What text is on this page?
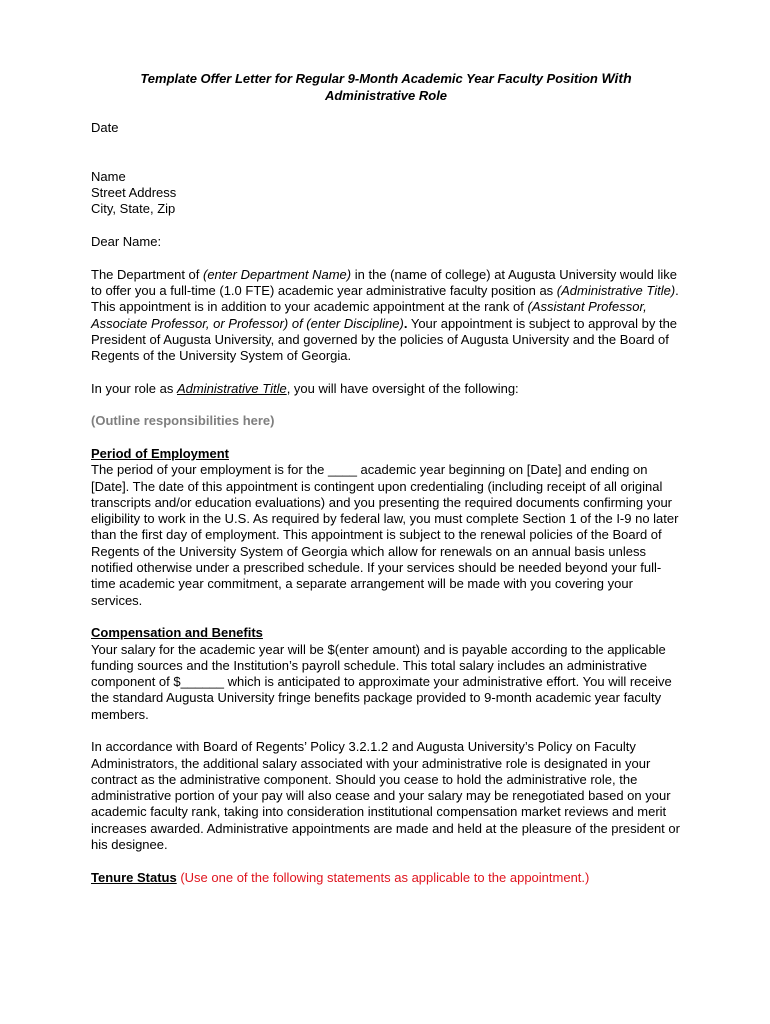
Template Offer Letter for Regular 9-Month Academic Year Faculty Position With
Administrative Role

Date

Name
Street Address
City, State, Zip

Dear Name:

The Department of (enter Department Name) in the (name of college) at Augusta University would like to offer you a full-time (1.0 FTE) academic year administrative faculty position as (Administrative Title). This appointment is in addition to your academic appointment at the rank of (Assistant Professor, Associate Professor, or Professor) of (enter Discipline). Your appointment is subject to approval by the President of Augusta University, and governed by the policies of Augusta University and the Board of Regents of the University System of Georgia.

In your role as Administrative Title, you will have oversight of the following:

(Outline responsibilities here)

Period of Employment

The period of your employment is for the ____ academic year beginning on [Date] and ending on [Date]. The date of this appointment is contingent upon credentialing (including receipt of all original transcripts and/or education evaluations) and you presenting the required documents confirming your eligibility to work in the U.S. As required by federal law, you must complete Section 1 of the I-9 no later than the first day of employment. This appointment is subject to the renewal policies of the Board of Regents of the University System of Georgia which allow for renewals on an annual basis unless notified otherwise under a prescribed schedule. If your services should be needed beyond your full-time academic year commitment, a separate arrangement will be made with you covering your services.

Compensation and Benefits

Your salary for the academic year will be $(enter amount) and is payable according to the applicable funding sources and the Institution’s payroll schedule. This total salary includes an administrative component of $______ which is anticipated to approximate your administrative effort. You will receive the standard Augusta University fringe benefits package provided to 9-month academic year faculty members.

In accordance with Board of Regents’ Policy 3.2.1.2 and Augusta University’s Policy on Faculty Administrators, the additional salary associated with your administrative role is designated in your contract as the administrative component. Should you cease to hold the administrative role, the administrative portion of your pay will also cease and your salary may be renegotiated based on your academic faculty rank, taking into consideration institutional compensation market reviews and merit increases awarded. Administrative appointments are made and held at the pleasure of the president or his designee.

Tenure Status (Use one of the following statements as applicable to the appointment.)
